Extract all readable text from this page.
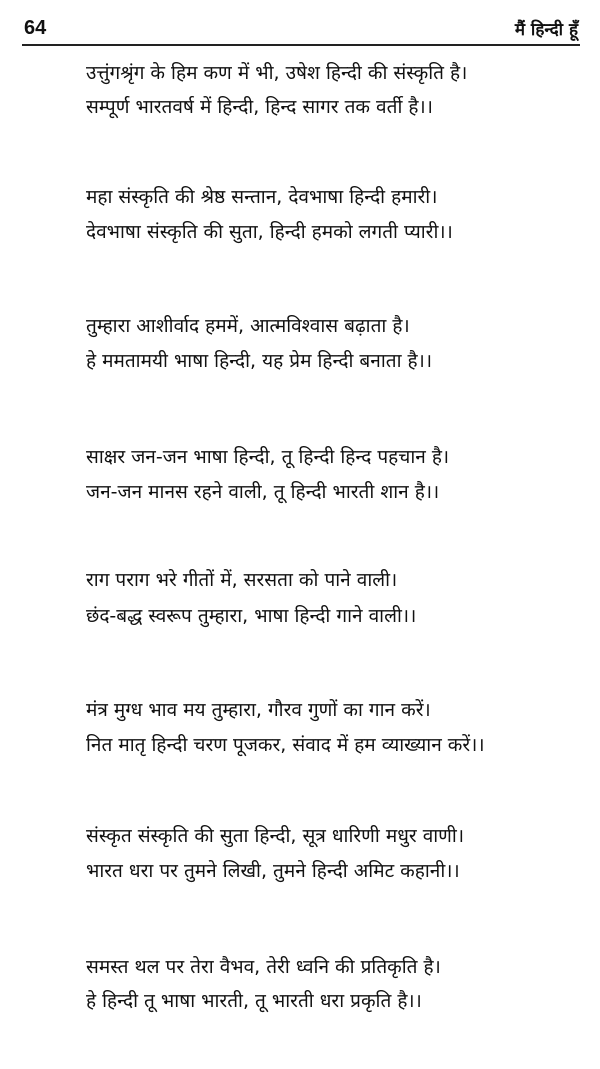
64	मैं हिन्दी हूँ
उत्तुंगश्रृंग के हिम कण में भी, उषेश हिन्दी की संस्कृति है।
सम्पूर्ण भारतवर्ष में हिन्दी, हिन्द सागर तक वर्ती है।।
महा संस्कृति की श्रेष्ठ सन्तान, देवभाषा हिन्दी हमारी।
देवभाषा संस्कृति की सुता, हिन्दी हमको लगती प्यारी।।
तुम्हारा आशीर्वाद हममें, आत्मविश्वास बढ़ाता है।
हे ममतामयी भाषा हिन्दी, यह प्रेम हिन्दी बनाता है।।
साक्षर जन-जन भाषा हिन्दी, तू हिन्दी हिन्द पहचान है।
जन-जन मानस रहने वाली, तू हिन्दी भारती शान है।।
राग पराग भरे गीतों में, सरसता को पाने वाली।
छंद-बद्ध स्वरूप तुम्हारा, भाषा हिन्दी गाने वाली।।
मंत्र मुग्ध भाव मय तुम्हारा, गौरव गुणों का गान करें।
नित मातृ हिन्दी चरण पूजकर, संवाद में हम व्याख्यान करें।।
संस्कृत संस्कृति की सुता हिन्दी, सूत्र धारिणी मधुर वाणी।
भारत धरा पर तुमने लिखी, तुमने हिन्दी अमिट कहानी।।
समस्त थल पर तेरा वैभव, तेरी ध्वनि की प्रतिकृति है।
हे हिन्दी तू भाषा भारती, तू भारती धरा प्रकृति है।।
